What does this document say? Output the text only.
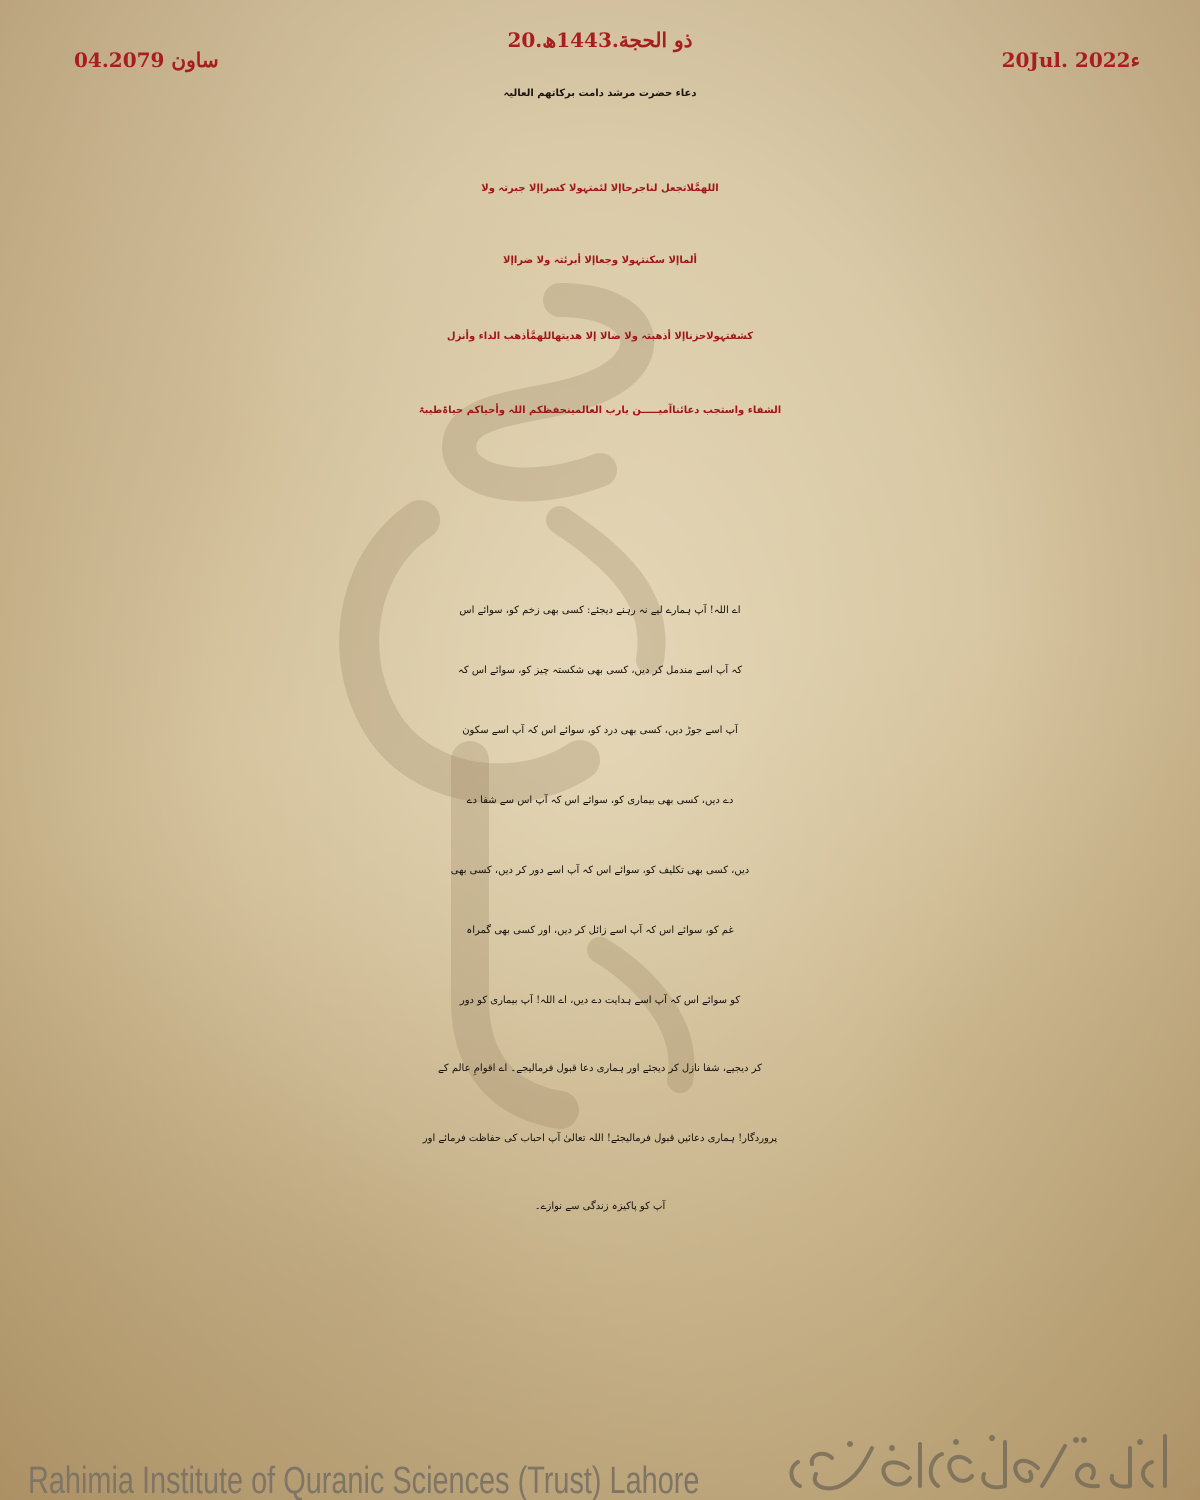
20.ذو الحجة.1443ھ
04.ساون 2079	20Jul. 2022ء
دعاء حضرت مرشد دامت برکاتھم العالیہ
اللھمَّلاتجعل لناجرحاإلا لئمتہولا کسراإلا جبرتہ ولا
ألماإلا سکنتہولا وجعاإلا أبرئتہ ولا ضراإلا
کشفتہولاحزناإلا أذھبتہ ولا ضالا إلا ھدیتھاللھمَّأذھب الداء وأنزل
الشفاء واستجب دعائناآمیـــــن یارب العالمینحفظکم اللہ وأحیاکم حیاۃطیبۃ
اے اللہ! آپ ہمارے لیے نہ رہنے دیجئے: کسی بھی زخم کو، سوائے اس
کہ آپ اسے مندمل کر دیں، کسی بھی شکستہ چیز کو، سوائے اس کہ
آپ اسے جوڑ دیں، کسی بھی درد کو، سوائے اس کہ آپ اسے سکون
دے دیں، کسی بھی بیماری کو، سوائے اس کہ آپ اس سے شفا دے
دیں، کسی بھی تکلیف کو، سوائے اس کہ آپ اسے دور کر دیں، کسی بھی
غم کو، سوائے اس کہ آپ اسے زائل کر دیں، اور کسی بھی گمراہ
کو سوائے اس کہ آپ اسے ہدایت دے دیں، اے اللہ! آپ بیماری کو دور
کر دیجیے، شفا نازل کر دیجئے اور ہماری دعا قبول فرمالیجے۔ اے اقوامِ عالم کے
پروردگار! ہماری دعائیں قبول فرمالیجئے! اللہ تعالیٰ آپ احباب کی حفاظت فرمائے اور
آپ کو پاکیزہ زندگی سے نوازے۔
Rahimia Institute of Quranic Sciences (Trust) Lahore
